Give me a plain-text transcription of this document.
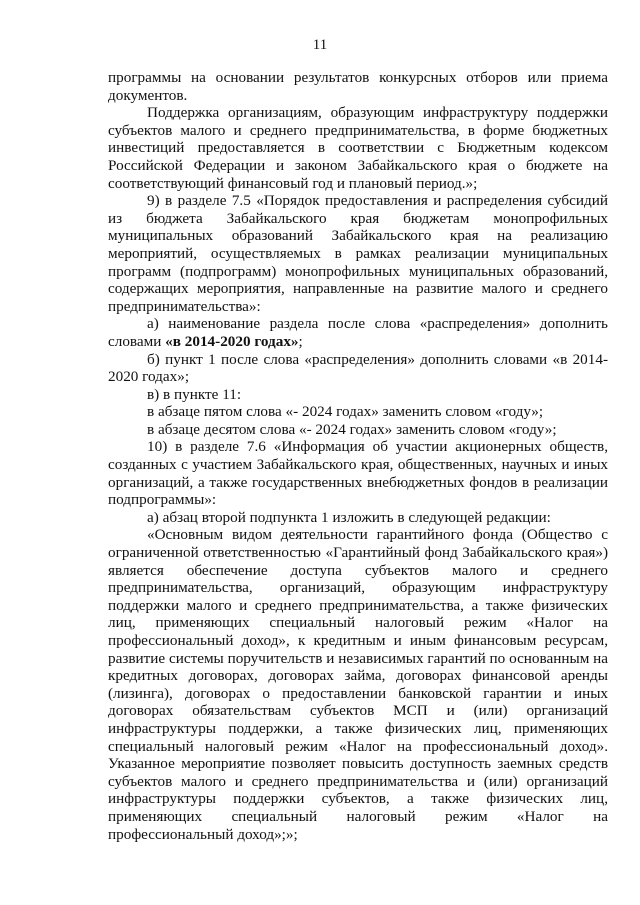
11

программы на основании результатов конкурсных отборов или приема документов.

Поддержка организациям, образующим инфраструктуру поддержки субъектов малого и среднего предпринимательства, в форме бюджетных инвестиций предоставляется в соответствии с Бюджетным кодексом Российской Федерации и законом Забайкальского края о бюджете на соответствующий финансовый год и плановый период.»;

9) в разделе 7.5 «Порядок предоставления и распределения субсидий из бюджета Забайкальского края бюджетам монопрофильных муниципальных образований Забайкальского края на реализацию мероприятий, осуществляемых в рамках реализации муниципальных программ (подпрограмм) монопрофильных муниципальных образований, содержащих мероприятия, направленные на развитие малого и среднего предпринимательства»:

а) наименование раздела после слова «распределения» дополнить словами «в 2014-2020 годах»;

б) пункт 1 после слова «распределения» дополнить словами «в 2014-2020 годах»;

в) в пункте 11:

в абзаце пятом слова «- 2024 годах» заменить словом «году»;

в абзаце десятом слова «- 2024 годах» заменить словом «году»;

10) в разделе 7.6 «Информация об участии акционерных обществ, созданных с участием Забайкальского края, общественных, научных и иных организаций, а также государственных внебюджетных фондов в реализации подпрограммы»:

а) абзац второй подпункта 1 изложить в следующей редакции:

«Основным видом деятельности гарантийного фонда (Общество с ограниченной ответственностью «Гарантийный фонд Забайкальского края») является обеспечение доступа субъектов малого и среднего предпринимательства, организаций, образующим инфраструктуру поддержки малого и среднего предпринимательства, а также физических лиц, применяющих специальный налоговый режим «Налог на профессиональный доход», к кредитным и иным финансовым ресурсам, развитие системы поручительств и независимых гарантий по основанным на кредитных договорах, договорах займа, договорах финансовой аренды (лизинга), договорах о предоставлении банковской гарантии и иных договорах обязательствам субъектов МСП и (или) организаций инфраструктуры поддержки, а также физических лиц, применяющих специальный налоговый режим «Налог на профессиональный доход». Указанное мероприятие позволяет повысить доступность заемных средств субъектов малого и среднего предпринимательства и (или) организаций инфраструктуры поддержки субъектов, а также физических лиц, применяющих специальный налоговый режим «Налог на профессиональный доход»;»;
